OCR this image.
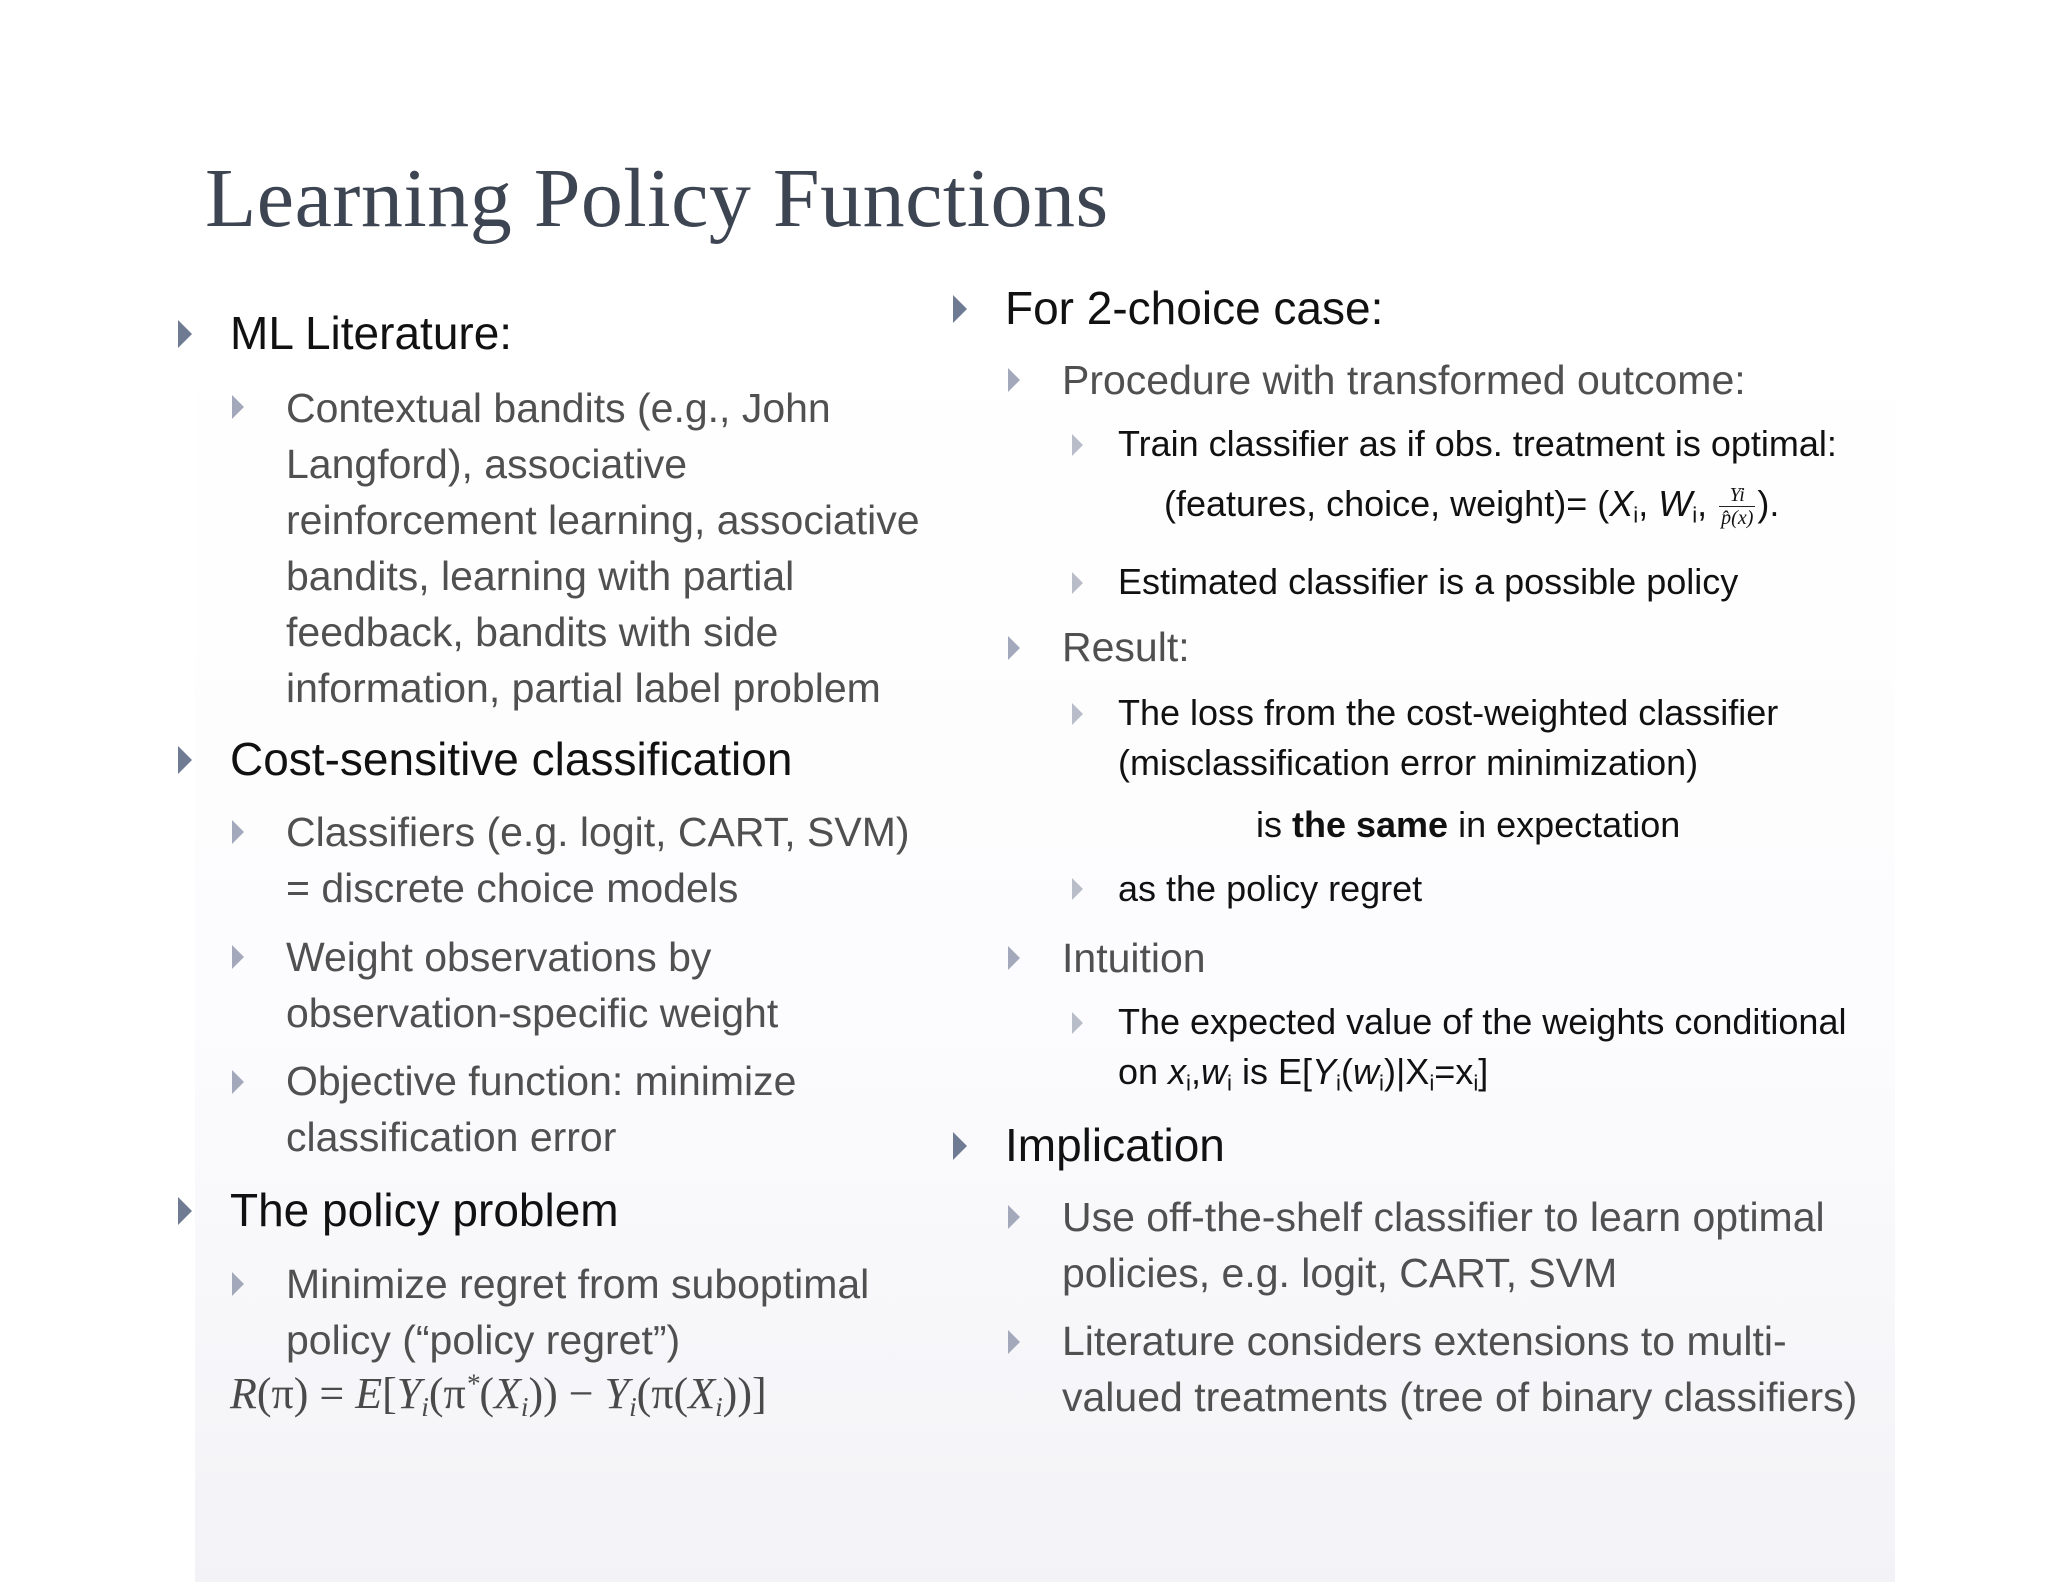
Learning Policy Functions
ML Literature:
Contextual bandits (e.g., John
Langford), associative
reinforcement learning, associative
bandits, learning with partial
feedback, bandits with side
information, partial label problem
Cost-sensitive classification
Classifiers (e.g. logit, CART, SVM)
= discrete choice models
Weight observations by
observation-specific weight
Objective function: minimize
classification error
The policy problem
Minimize regret from suboptimal
policy (“policy regret”)
$R(\pi) = E[Y_i(\pi^*(X_i)) - Y_i(\pi(X_i))]$
For 2-choice case:
Procedure with transformed outcome:
Train classifier as if obs. treatment is optimal:
(features, choice, weight)= ($X_i$, $W_i$, $\frac{Yi}{p̂(x)}$ ).
Estimated classifier is a possible policy
Result:
The loss from the cost-weighted classifier
(misclassification error minimization)
is the same in expectation
as the policy regret
Intuition
The expected value of the weights conditional
on $x_i,w_i$ is $E[Y_i(w_i)|X_i=x_i]$
Implication
Use off-the-shelf classifier to learn optimal
policies, e.g. logit, CART, SVM
Literature considers extensions to multi-
valued treatments (tree of binary classifiers)
